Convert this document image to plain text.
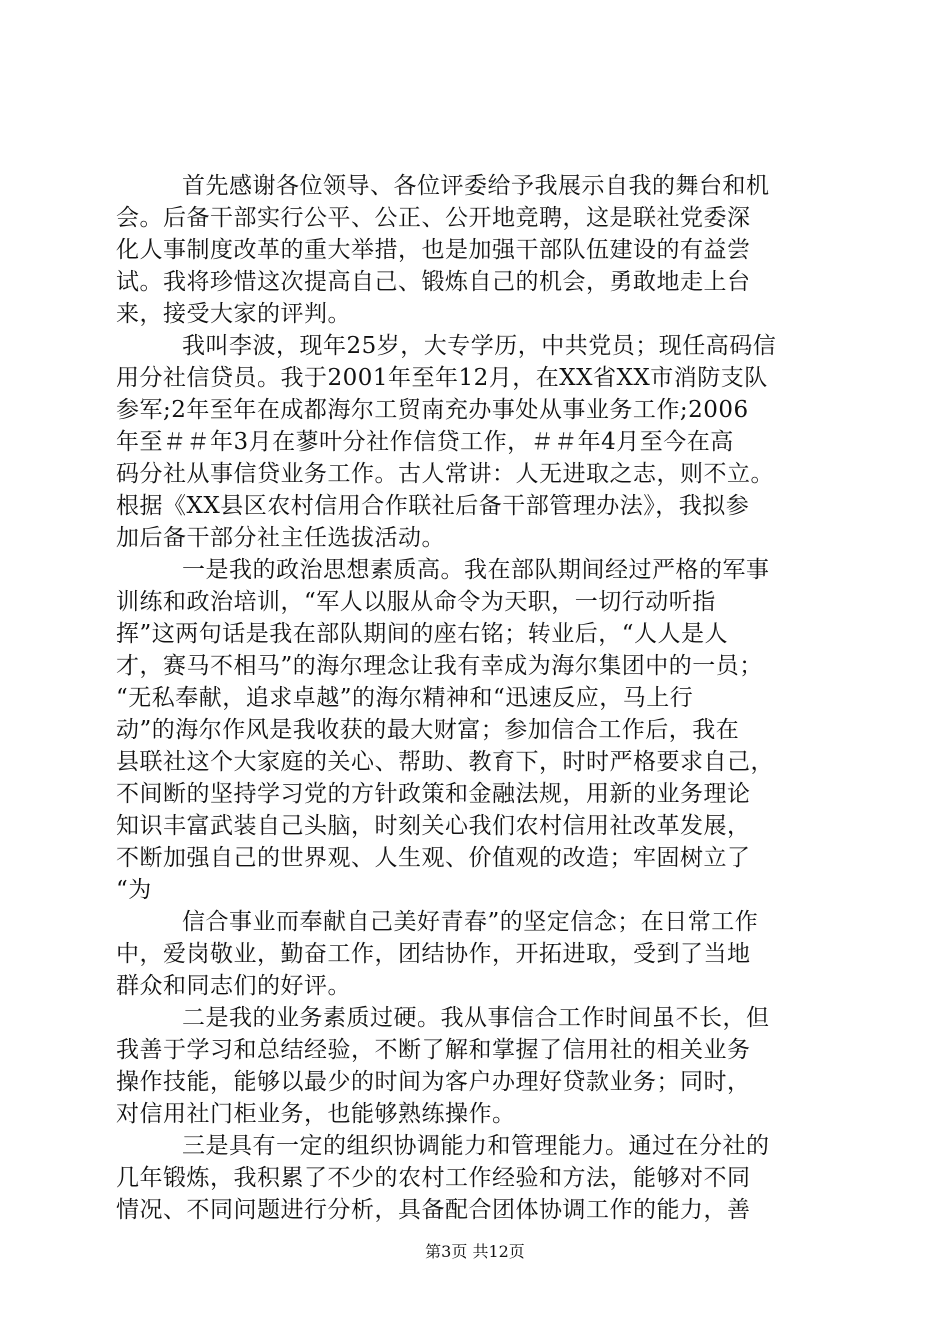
首先感谢各位领导、各位评委给予我展示自我的舞台和机
会。后备干部实行公平、公正、公开地竞聘，这是联社党委深
化人事制度改革的重大举措，也是加强干部队伍建设的有益尝
试。我将珍惜这次提高自己、锻炼自己的机会，勇敢地走上台
来，接受大家的评判。
我叫李波，现年25岁，大专学历，中共党员；现任高码信
用分社信贷员。我于2001年至年12月，在XX省XX市消防支队
参军;2年至年在成都海尔工贸南充办事处从事业务工作;2006
年至＃＃年3月在蓼叶分社作信贷工作，＃＃年4月至今在高
码分社从事信贷业务工作。古人常讲：人无进取之志，则不立。
根据《XX县区农村信用合作联社后备干部管理办法》，我拟参
加后备干部分社主任选拔活动。
一是我的政治思想素质高。我在部队期间经过严格的军事
训练和政治培训，“军人以服从命令为天职，一切行动听指
挥”这两句话是我在部队期间的座右铭；转业后，“人人是人
才，赛马不相马”的海尔理念让我有幸成为海尔集团中的一员；
“无私奉献，追求卓越”的海尔精神和“迅速反应，马上行
动”的海尔作风是我收获的最大财富；参加信合工作后，我在
县联社这个大家庭的关心、帮助、教育下，时时严格要求自己，
不间断的坚持学习党的方针政策和金融法规，用新的业务理论
知识丰富武装自己头脑，时刻关心我们农村信用社改革发展，
不断加强自己的世界观、人生观、价值观的改造；牢固树立了
“为
信合事业而奉献自己美好青春”的坚定信念；在日常工作
中，爱岗敬业，勤奋工作，团结协作，开拓进取，受到了当地
群众和同志们的好评。
二是我的业务素质过硬。我从事信合工作时间虽不长，但
我善于学习和总结经验，不断了解和掌握了信用社的相关业务
操作技能，能够以最少的时间为客户办理好贷款业务；同时，
对信用社门柜业务，也能够熟练操作。
三是具有一定的组织协调能力和管理能力。通过在分社的
几年锻炼，我积累了不少的农村工作经验和方法，能够对不同
情况、不同问题进行分析，具备配合团体协调工作的能力，善
第3页 共12页
